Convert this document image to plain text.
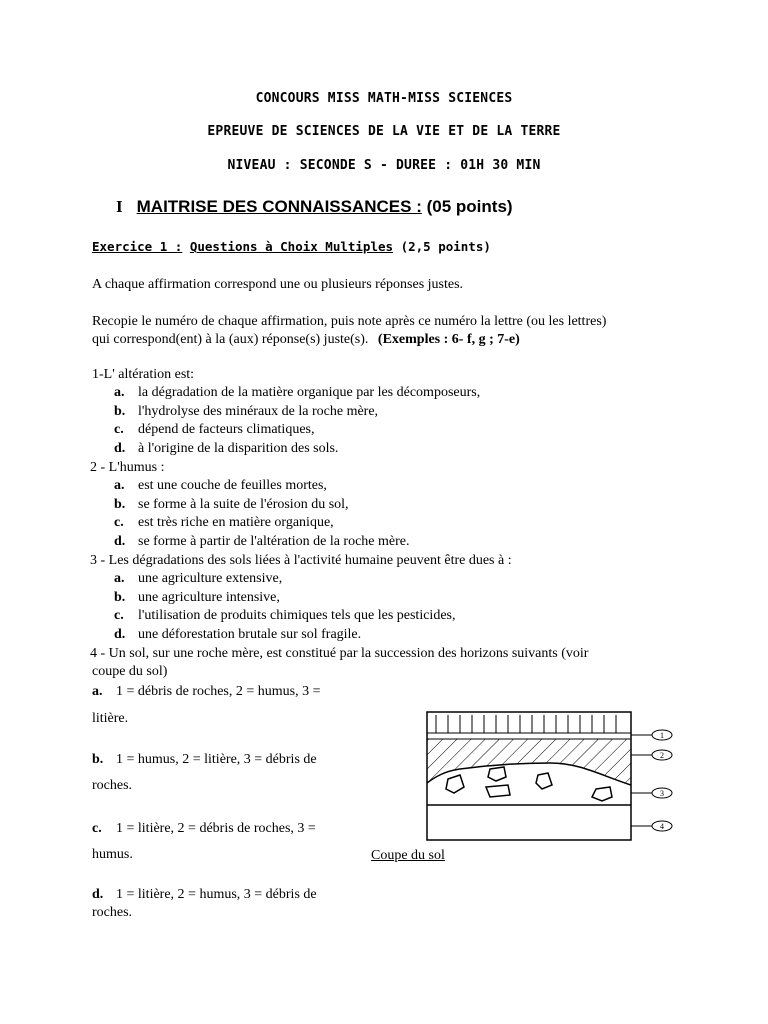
CONCOURS MISS MATH-MISS SCIENCES
EPREUVE DE SCIENCES DE LA VIE ET DE LA TERRE
NIVEAU : SECONDE S - DUREE : 01H 30 MIN
I MAITRISE DES CONNAISSANCES : (05 points)
Exercice 1 : Questions à Choix Multiples (2,5 points)
A chaque affirmation correspond une ou plusieurs réponses justes.
Recopie le numéro de chaque affirmation, puis note après ce numéro la lettre (ou les lettres)
qui correspond(ent) à la (aux) réponse(s) juste(s). (Exemples : 6- f, g ; 7-e)
1-L' altération est:
a. la dégradation de la matière organique par les décomposeurs,
b. l'hydrolyse des minéraux de la roche mère,
c. dépend de facteurs climatiques,
d. à l'origine de la disparition des sols.
2 - L'humus :
a. est une couche de feuilles mortes,
b. se forme à la suite de l'érosion du sol,
c. est très riche en matière organique,
d. se forme à partir de l'altération de la roche mère.
3 - Les dégradations des sols liées à l'activité humaine peuvent être dues à :
a. une agriculture extensive,
b. une agriculture intensive,
c. l'utilisation de produits chimiques tels que les pesticides,
d. une déforestation brutale sur sol fragile.
4 - Un sol, sur une roche mère, est constitué par la succession des horizons suivants (voir
coupe du sol)
a. 1 = débris de roches, 2 = humus, 3 =
litière.
b. 1 = humus, 2 = litière, 3 = débris de
roches.
c. 1 = litière, 2 = débris de roches, 3 =
humus.
d. 1 = litière, 2 = humus, 3 = débris de
roches.
1
2
3
4
Coupe du sol
